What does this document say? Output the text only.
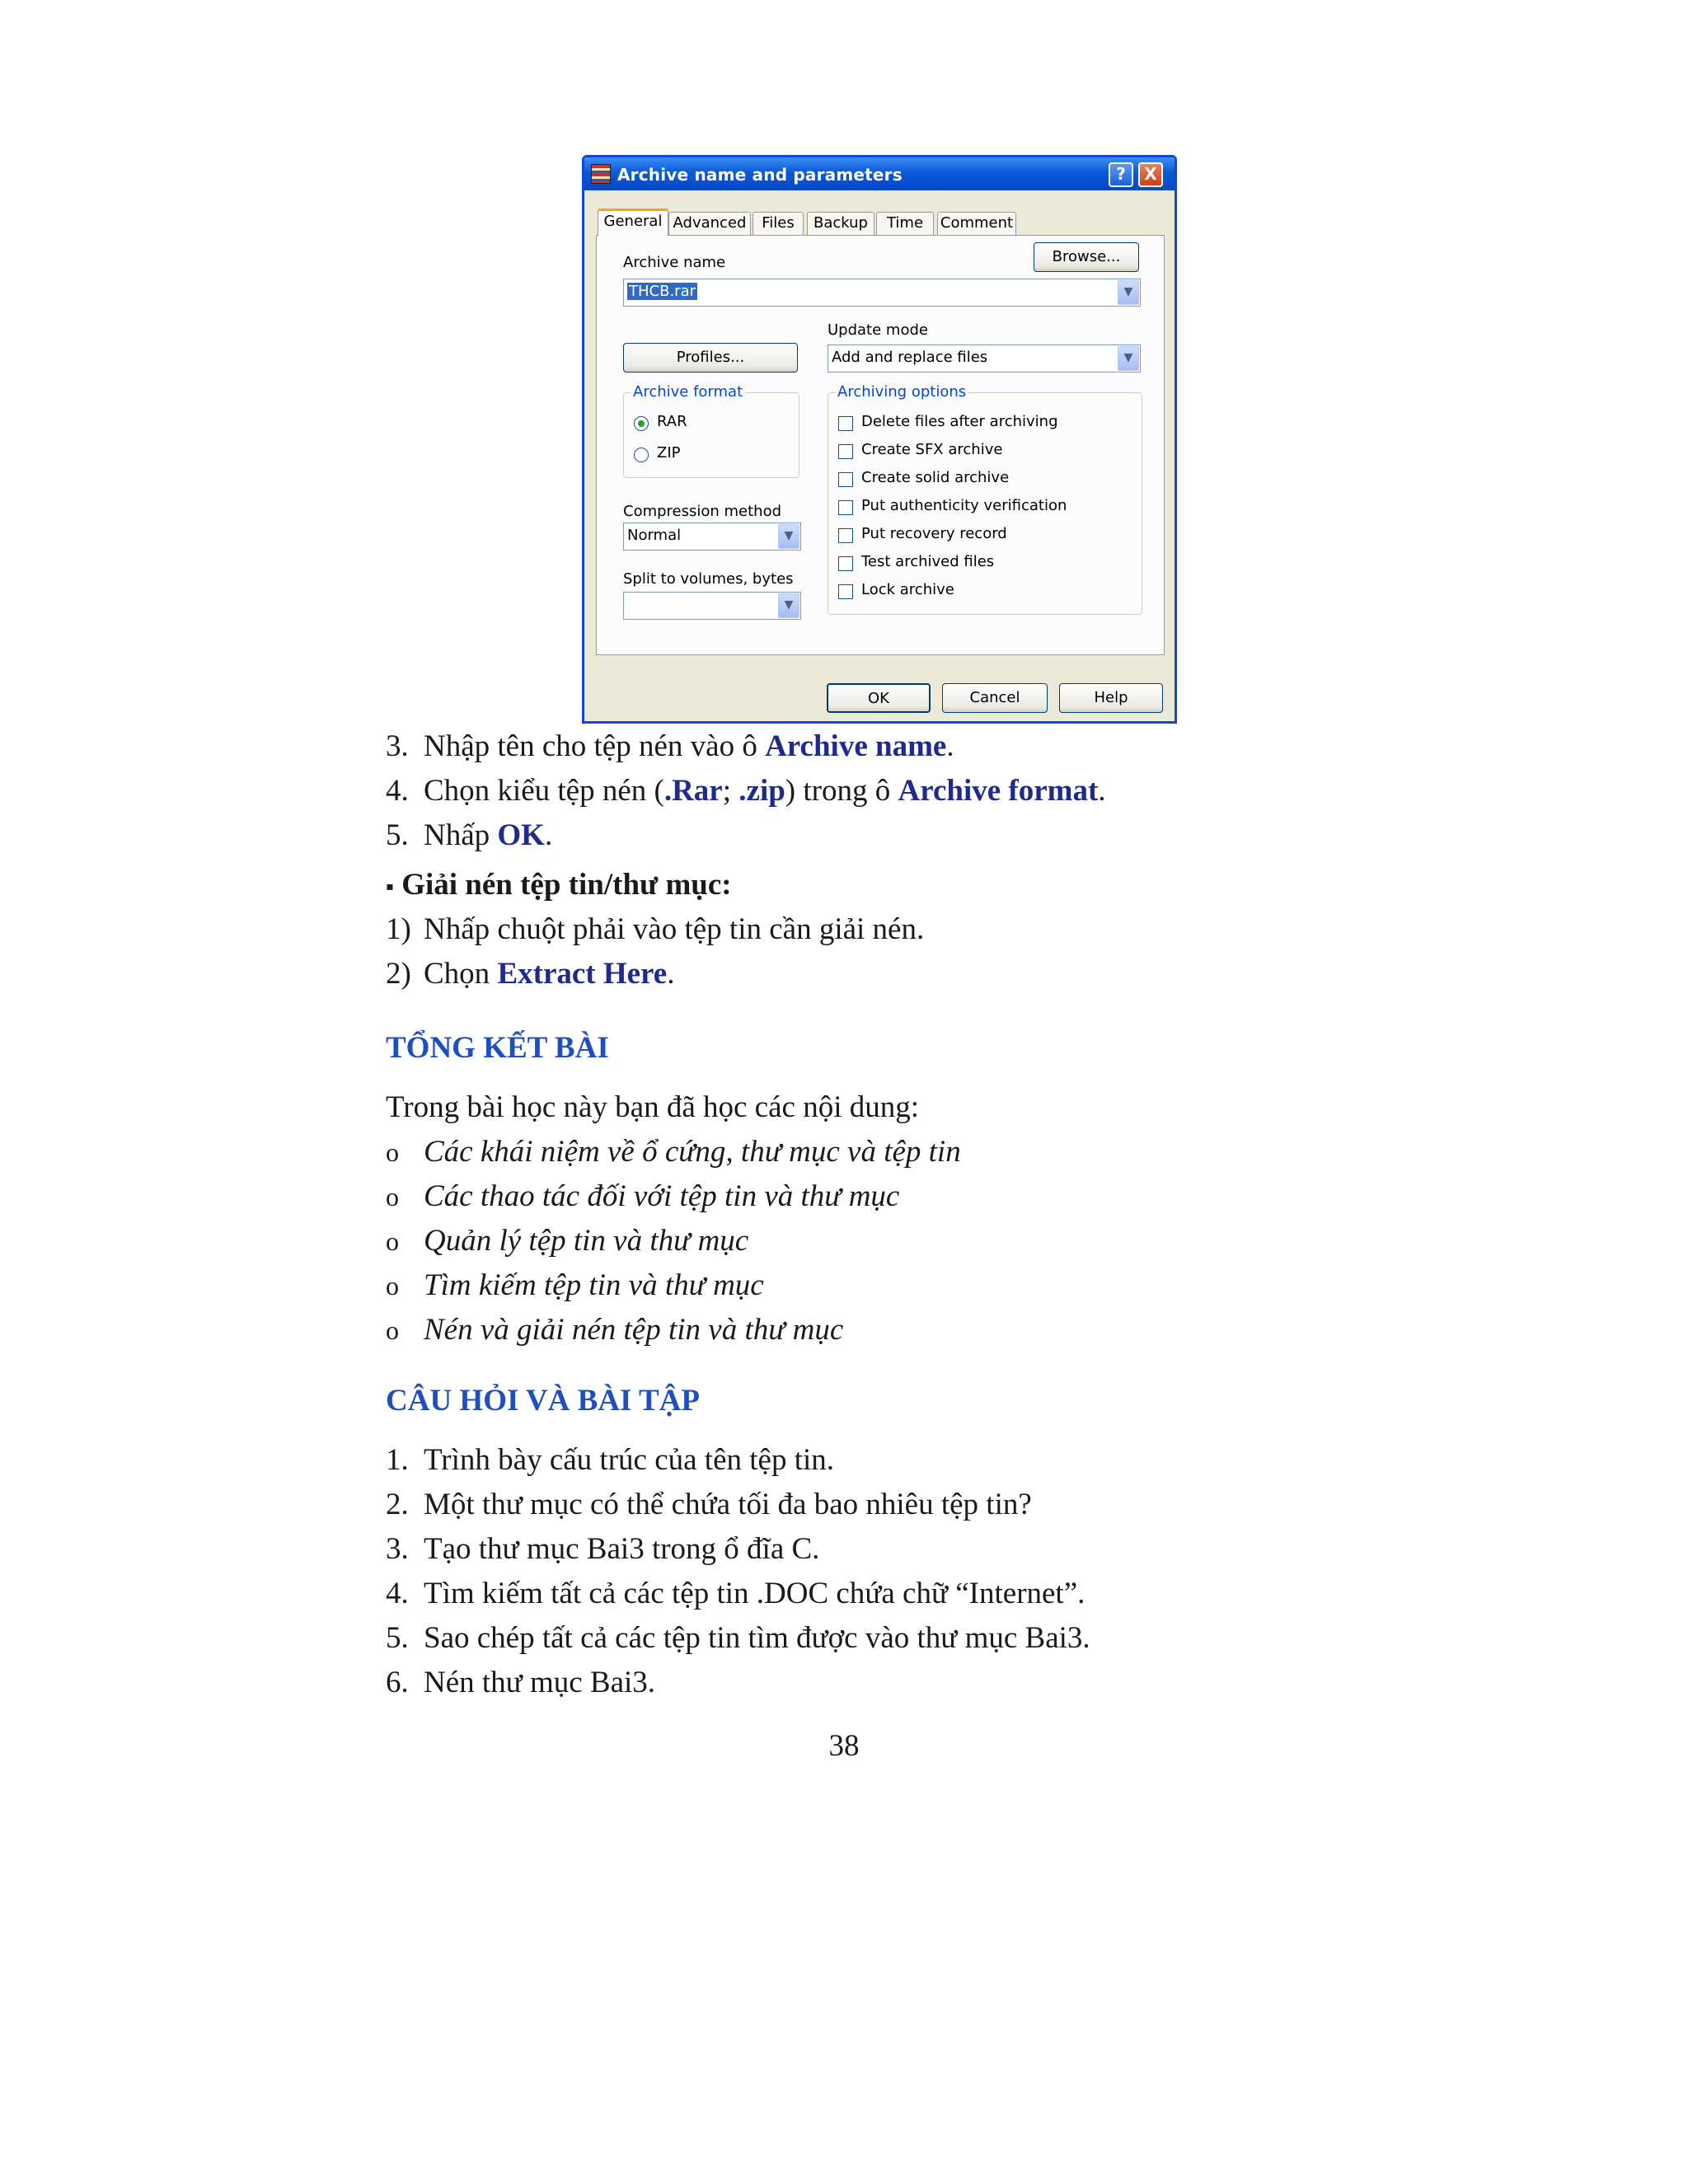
Archive name and parameters	?	X
General Advanced	Files	Backup	Time	Comment
Archive name	Browse...
THCB.rar	▼
Update mode
Profiles...	Add and replace files	▼
Archive format
RAR
ZIP
Compression method
Normal	▼
Split to volumes, bytes
▼
Archiving options
Delete files after archiving
Create SFX archive
Create solid archive
Put authenticity verification
Put recovery record
Test archived files
Lock archive
OK	Cancel	Help
3. Nhập tên cho tệp nén vào ô Archive name.
4. Chọn kiểu tệp nén (.Rar; .zip) trong ô Archive format.
5. Nhấp OK.
▪ Giải nén tệp tin/thư mục:
1) Nhấp chuột phải vào tệp tin cần giải nén.
2) Chọn Extract Here.
TỔNG KẾT BÀI
Trong bài học này bạn đã học các nội dung:
o Các khái niệm về ổ cứng, thư mục và tệp tin
o Các thao tác đối với tệp tin và thư mục
o Quản lý tệp tin và thư mục
o Tìm kiếm tệp tin và thư mục
o Nén và giải nén tệp tin và thư mục
CÂU HỎI VÀ BÀI TẬP
1. Trình bày cấu trúc của tên tệp tin.
2. Một thư mục có thể chứa tối đa bao nhiêu tệp tin?
3. Tạo thư mục Bai3 trong ổ đĩa C.
4. Tìm kiếm tất cả các tệp tin .DOC chứa chữ “Internet”.
5. Sao chép tất cả các tệp tin tìm được vào thư mục Bai3.
6. Nén thư mục Bai3.
38
